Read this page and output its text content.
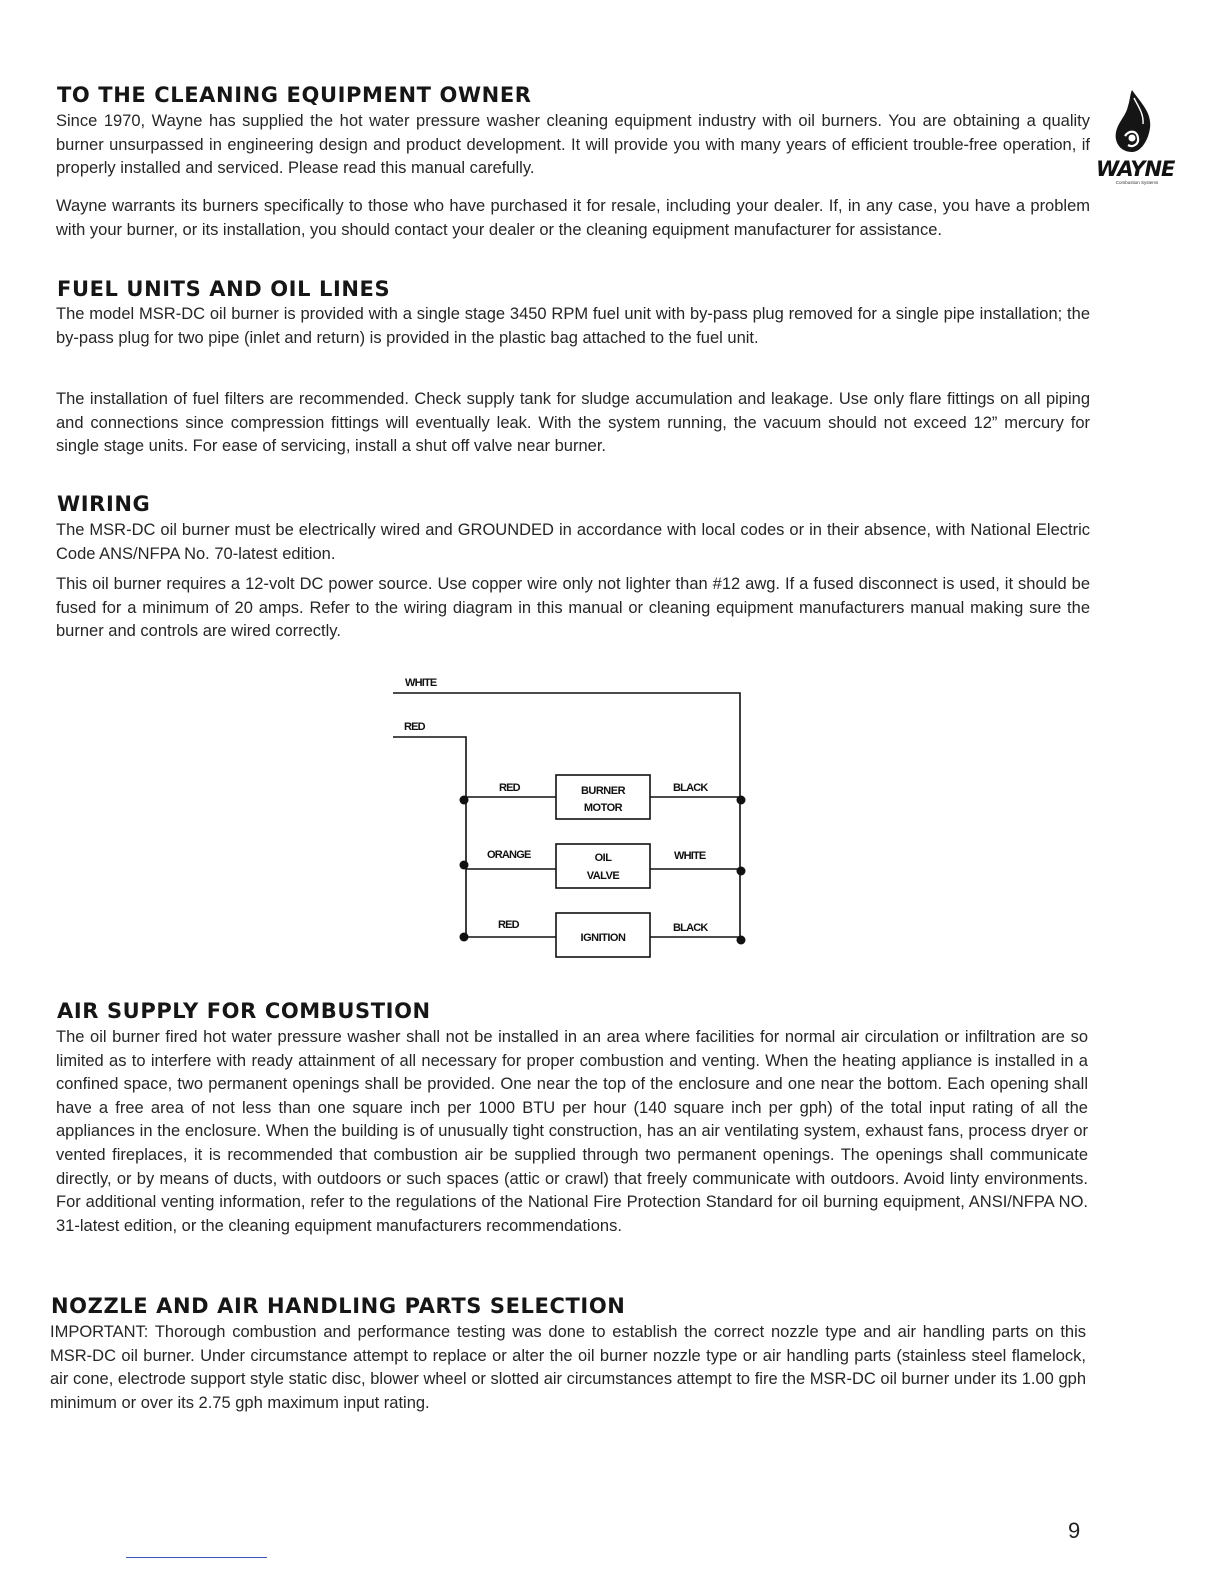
TO THE CLEANING EQUIPMENT OWNER

Since 1970, Wayne has supplied the hot water pressure washer cleaning equipment industry with oil burners. You are obtaining a quality burner unsurpassed in engineering design and product development. It will provide you with many years of efficient trouble-free operation, if properly installed and serviced. Please read this manual carefully.

Wayne warrants its burners specifically to those who have purchased it for resale, including your dealer. If, in any case, you have a problem with your burner, or its installation, you should contact your dealer or the cleaning equipment manufacturer for assistance.

WAYNE
Combustion Systems
FUEL UNITS AND OIL LINES

The model MSR-DC oil burner is provided with a single stage 3450 RPM fuel unit with by-pass plug removed for a single pipe installation; the by-pass plug for two pipe (inlet and return) is provided in the plastic bag attached to the fuel unit.

The installation of fuel filters are recommended. Check supply tank for sludge accumulation and leakage. Use only flare fittings on all piping and connections since compression fittings will eventually leak. With the system running, the vacuum should not exceed 12” mercury for single stage units. For ease of servicing, install a shut off valve near burner.

WIRING

The MSR-DC oil burner must be electrically wired and GROUNDED in accordance with local codes or in their absence, with National Electric Code ANS/NFPA No. 70-latest edition.

This oil burner requires a 12-volt DC power source. Use copper wire only not lighter than #12 awg. If a fused disconnect is used, it should be fused for a minimum of 20 amps. Refer to the wiring diagram in this manual or cleaning equipment manufacturers manual making sure the burner and controls are wired correctly.

WHITE
RED
RED	BLACK
ORANGE	WHITE
RED	BLACK
BURNER
MOTOR
OIL
VALVE
IGNITION
AIR SUPPLY FOR COMBUSTION

The oil burner fired hot water pressure washer shall not be installed in an area where facilities for normal air circulation or infiltration are so limited as to interfere with ready attainment of all necessary for proper combustion and venting. When the heating appliance is installed in a confined space, two permanent openings shall be provided. One near the top of the enclosure and one near the bottom. Each opening shall have a free area of not less than one square inch per 1000 BTU per hour (140 square inch per gph) of the total input rating of all the appliances in the enclosure. When the building is of unusually tight construction, has an air ventilating system, exhaust fans, process dryer or vented fireplaces, it is recommended that combustion air be supplied through two permanent openings. The openings shall communicate directly, or by means of ducts, with outdoors or such spaces (attic or crawl) that freely communicate with outdoors. Avoid linty environments. For additional venting information, refer to the regulations of the National Fire Protection Standard for oil burning equipment, ANSI/NFPA NO. 31-latest edition, or the cleaning equipment manufacturers recommendations.

NOZZLE AND AIR HANDLING PARTS SELECTION

IMPORTANT: Thorough combustion and performance testing was done to establish the correct nozzle type and air handling parts on this MSR-DC oil burner. Under circumstance attempt to replace or alter the oil burner nozzle type or air handling parts (stainless steel flamelock, air cone, electrode support style static disc, blower wheel or slotted air circumstances attempt to fire the MSR-DC oil burner under its 1.00 gph minimum or over its 2.75 gph maximum input rating.

9
